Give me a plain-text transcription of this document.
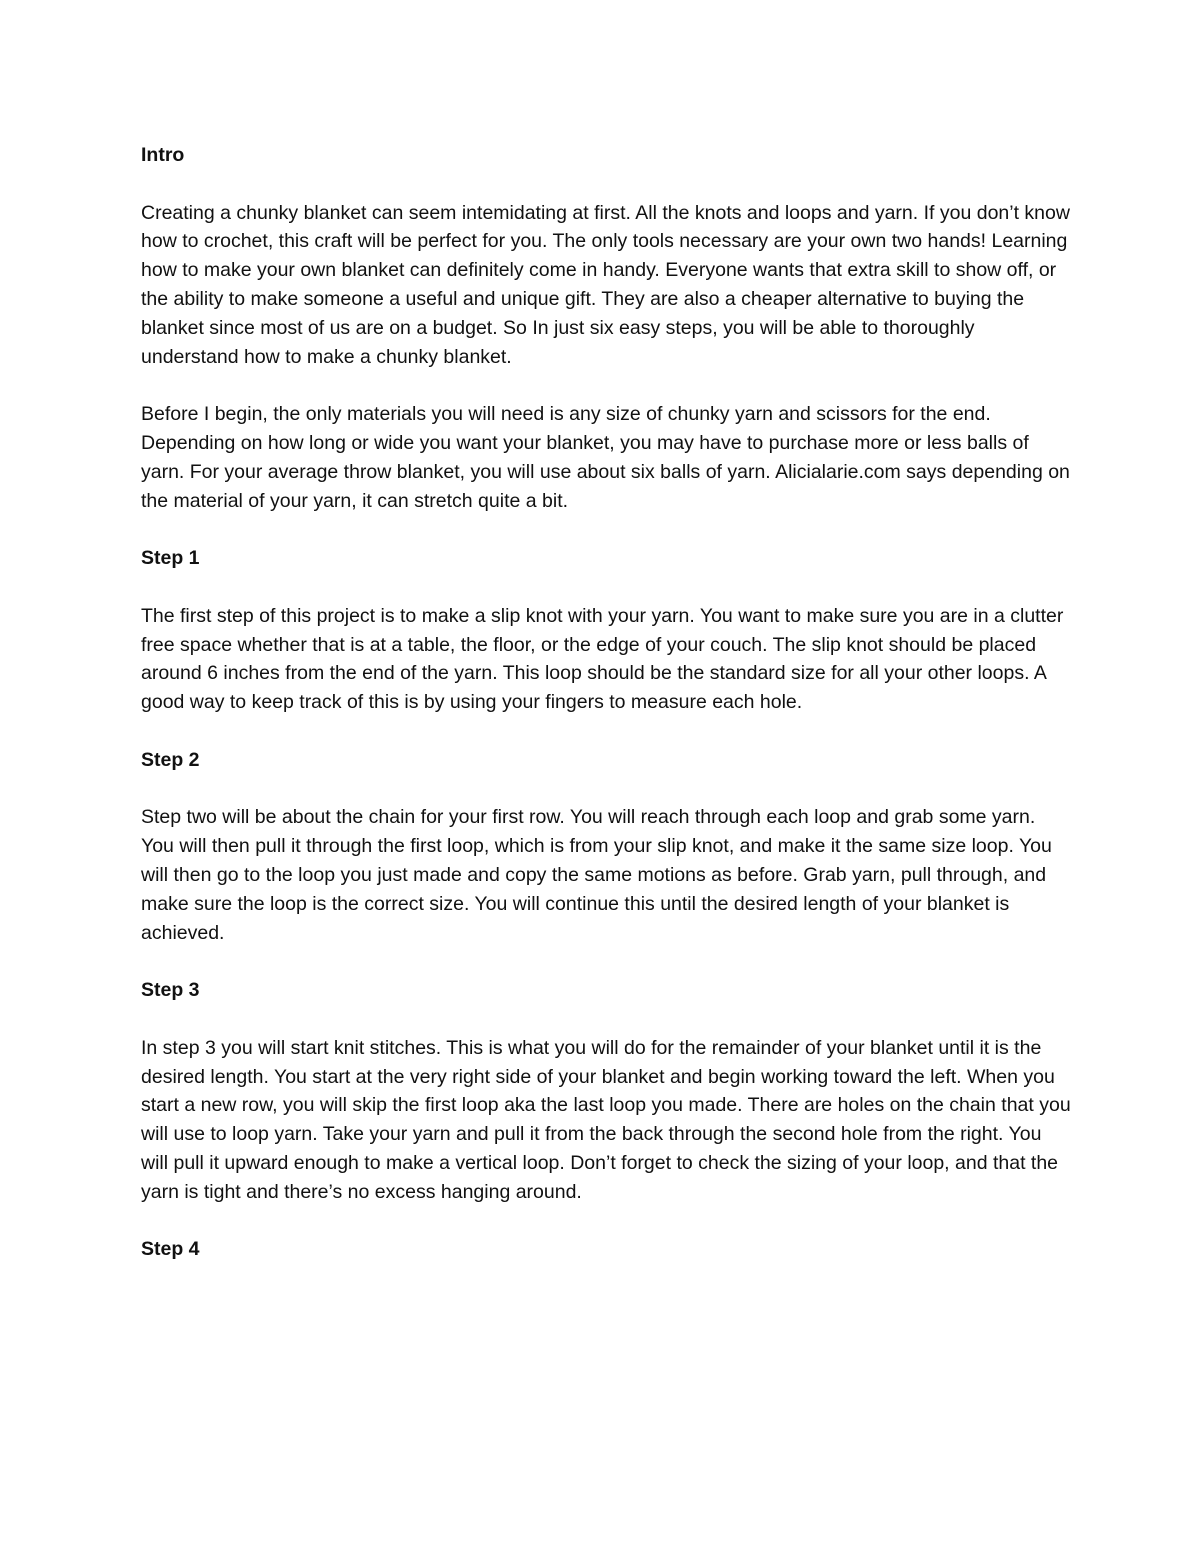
Intro

Creating a chunky blanket can seem intemidating at first. All the knots and loops and yarn. If you don’t know how to crochet, this craft will be perfect for you. The only tools necessary are your own two hands! Learning how to make your own blanket can definitely come in handy. Everyone wants that extra skill to show off, or the ability to make someone a useful and unique gift. They are also a cheaper alternative to buying the blanket since most of us are on a budget. So In just six easy steps, you will be able to thoroughly understand how to make a chunky blanket.

Before I begin, the only materials you will need is any size of chunky yarn and scissors for the end. Depending on how long or wide you want your blanket, you may have to purchase more or less balls of yarn. For your average throw blanket, you will use about six balls of yarn. Alicialarie.com says depending on the material of your yarn, it can stretch quite a bit.

Step 1

The first step of this project is to make a slip knot with your yarn. You want to make sure you are in a clutter free space whether that is at a table, the floor, or the edge of your couch. The slip knot should be placed around 6 inches from the end of the yarn. This loop should be the standard size for all your other loops. A good way to keep track of this is by using your fingers to measure each hole.

Step 2

Step two will be about the chain for your first row. You will reach through each loop and grab some yarn. You will then pull it through the first loop, which is from your slip knot, and make it the same size loop. You will then go to the loop you just made and copy the same motions as before. Grab yarn, pull through, and make sure the loop is the correct size. You will continue this until the desired length of your blanket is achieved.

Step 3

In step 3 you will start knit stitches. This is what you will do for the remainder of your blanket until it is the desired length. You start at the very right side of your blanket and begin working toward the left. When you start a new row, you will skip the first loop aka the last loop you made. There are holes on the chain that you will use to loop yarn. Take your yarn and pull it from the back through the second hole from the right. You will pull it upward enough to make a vertical loop. Don’t forget to check the sizing of your loop, and that the yarn is tight and there’s no excess hanging around.

Step 4
